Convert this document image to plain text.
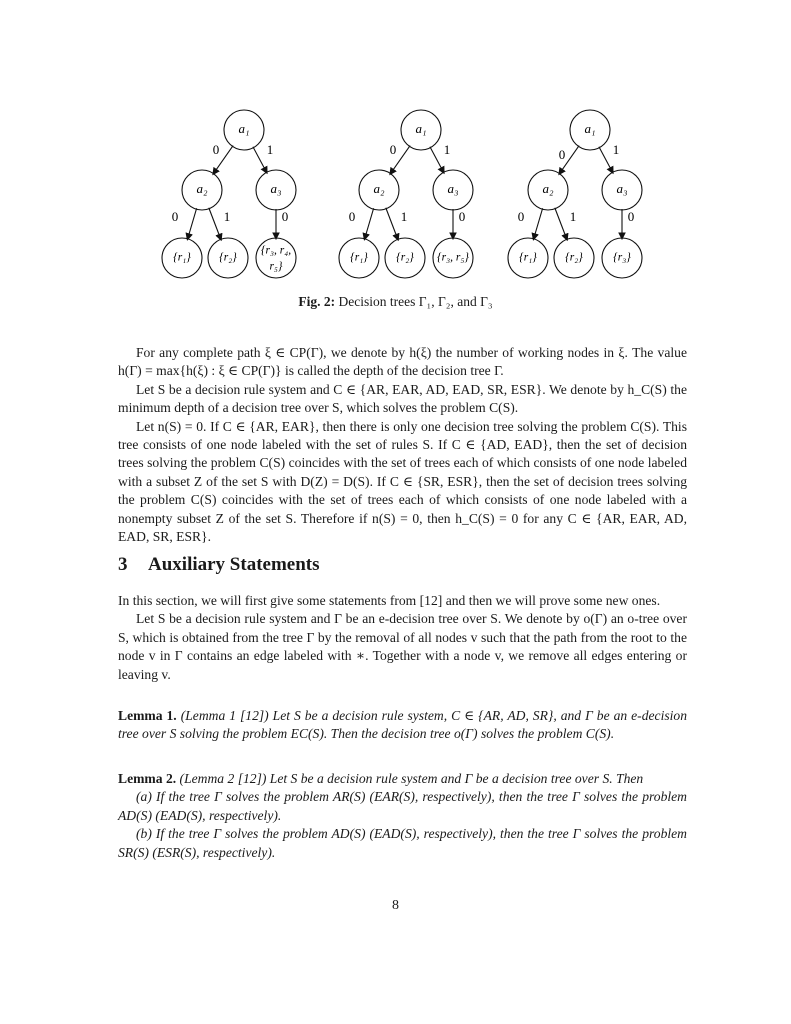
a₁
a₂	a₃
{r₁} {r₂}
{r₃, r₄,
r₅}
0	1
0	1	0
a₁
a₂	a₃
{r₁} {r₂} {r₃, r₅}
0	1
0	1	0
a₁
a₂	a₃
{r₁} {r₂}	{r₃}
0	1
0	1	0
Fig. 2: Decision trees Γ₁, Γ₂, and Γ₃

For any complete path ξ ∈ CP(Γ), we denote by h(ξ) the number of working nodes in ξ. The value h(Γ) = max{h(ξ) : ξ ∈ CP(Γ)} is called the depth of the decision tree Γ.

Let S be a decision rule system and C ∈ {AR, EAR, AD, EAD, SR, ESR}. We denote by h_C(S) the minimum depth of a decision tree over S, which solves the problem C(S).

Let n(S) = 0. If C ∈ {AR, EAR}, then there is only one decision tree solving the problem C(S). This tree consists of one node labeled with the set of rules S. If C ∈ {AD, EAD}, then the set of decision trees solving the problem C(S) coincides with the set of trees each of which consists of one node labeled with a subset Z of the set S with D(Z) = D(S). If C ∈ {SR, ESR}, then the set of decision trees solving the problem C(S) coincides with the set of trees each of which consists of one node labeled with a nonempty subset Z of the set S. Therefore if n(S) = 0, then h_C(S) = 0 for any C ∈ {AR, EAR, AD, EAD, SR, ESR}.

3 Auxiliary Statements

In this section, we will first give some statements from [12] and then we will prove some new ones.

Let S be a decision rule system and Γ be an e-decision tree over S. We denote by o(Γ) an o-tree over S, which is obtained from the tree Γ by the removal of all nodes v such that the path from the root to the node v in Γ contains an edge labeled with ∗. Together with a node v, we remove all edges entering or leaving v.

Lemma 1. (Lemma 1 [12]) Let S be a decision rule system, C ∈ {AR, AD, SR}, and Γ be an e-decision tree over S solving the problem EC(S). Then the decision tree o(Γ) solves the problem C(S).

Lemma 2. (Lemma 2 [12]) Let S be a decision rule system and Γ be a decision tree over S. Then

(a) If the tree Γ solves the problem AR(S) (EAR(S), respectively), then the tree Γ solves the problem AD(S) (EAD(S), respectively).

(b) If the tree Γ solves the problem AD(S) (EAD(S), respectively), then the tree Γ solves the problem SR(S) (ESR(S), respectively).

8
